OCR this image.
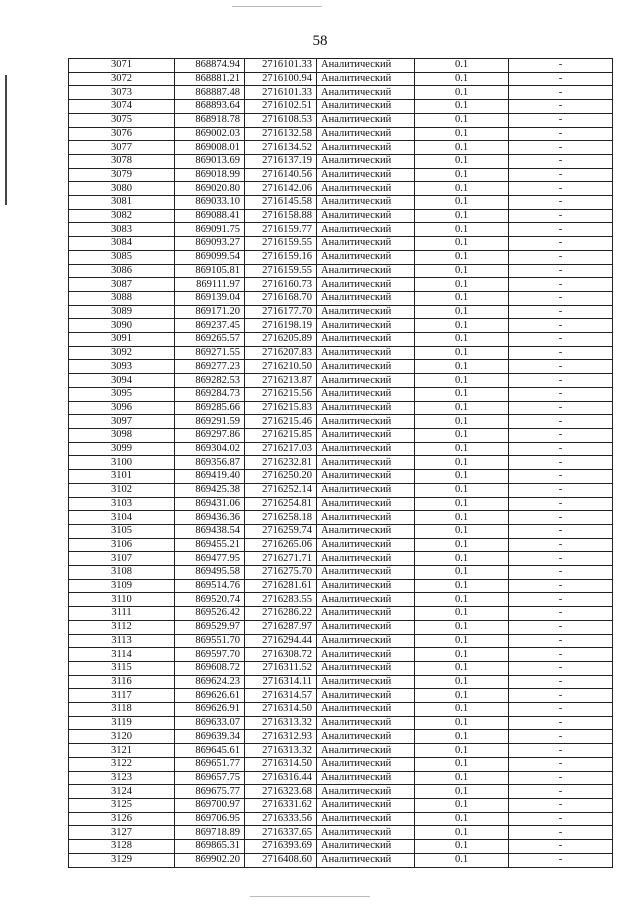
58
3071	868874.94	2716101.33	Аналитический	0.1	-
3072	868881.21	2716100.94	Аналитический	0.1	-
3073	868887.48	2716101.33	Аналитический	0.1	-
3074	868893.64	2716102.51	Аналитический	0.1	-
3075	868918.78	2716108.53	Аналитический	0.1	-
3076	869002.03	2716132.58	Аналитический	0.1	-
3077	869008.01	2716134.52	Аналитический	0.1	-
3078	869013.69	2716137.19	Аналитический	0.1	-
3079	869018.99	2716140.56	Аналитический	0.1	-
3080	869020.80	2716142.06	Аналитический	0.1	-
3081	869033.10	2716145.58	Аналитический	0.1	-
3082	869088.41	2716158.88	Аналитический	0.1	-
3083	869091.75	2716159.77	Аналитический	0.1	-
3084	869093.27	2716159.55	Аналитический	0.1	-
3085	869099.54	2716159.16	Аналитический	0.1	-
3086	869105.81	2716159.55	Аналитический	0.1	-
3087	869111.97	2716160.73	Аналитический	0.1	-
3088	869139.04	2716168.70	Аналитический	0.1	-
3089	869171.20	2716177.70	Аналитический	0.1	-
3090	869237.45	2716198.19	Аналитический	0.1	-
3091	869265.57	2716205.89	Аналитический	0.1	-
3092	869271.55	2716207.83	Аналитический	0.1	-
3093	869277.23	2716210.50	Аналитический	0.1	-
3094	869282.53	2716213.87	Аналитический	0.1	-
3095	869284.73	2716215.56	Аналитический	0.1	-
3096	869285.66	2716215.83	Аналитический	0.1	-
3097	869291.59	2716215.46	Аналитический	0.1	-
3098	869297.86	2716215.85	Аналитический	0.1	-
3099	869304.02	2716217.03	Аналитический	0.1	-
3100	869356.87	2716232.81	Аналитический	0.1	-
3101	869419.40	2716250.20	Аналитический	0.1	-
3102	869425.38	2716252.14	Аналитический	0.1	-
3103	869431.06	2716254.81	Аналитический	0.1	-
3104	869436.36	2716258.18	Аналитический	0.1	-
3105	869438.54	2716259.74	Аналитический	0.1	-
3106	869455.21	2716265.06	Аналитический	0.1	-
3107	869477.95	2716271.71	Аналитический	0.1	-
3108	869495.58	2716275.70	Аналитический	0.1	-
3109	869514.76	2716281.61	Аналитический	0.1	-
3110	869520.74	2716283.55	Аналитический	0.1	-
3111	869526.42	2716286.22	Аналитический	0.1	-
3112	869529.97	2716287.97	Аналитический	0.1	-
3113	869551.70	2716294.44	Аналитический	0.1	-
3114	869597.70	2716308.72	Аналитический	0.1	-
3115	869608.72	2716311.52	Аналитический	0.1	-
3116	869624.23	2716314.11	Аналитический	0.1	-
3117	869626.61	2716314.57	Аналитический	0.1	-
3118	869626.91	2716314.50	Аналитический	0.1	-
3119	869633.07	2716313.32	Аналитический	0.1	-
3120	869639.34	2716312.93	Аналитический	0.1	-
3121	869645.61	2716313.32	Аналитический	0.1	-
3122	869651.77	2716314.50	Аналитический	0.1	-
3123	869657.75	2716316.44	Аналитический	0.1	-
3124	869675.77	2716323.68	Аналитический	0.1	-
3125	869700.97	2716331.62	Аналитический	0.1	-
3126	869706.95	2716333.56	Аналитический	0.1	-
3127	869718.89	2716337.65	Аналитический	0.1	-
3128	869865.31	2716393.69	Аналитический	0.1	-
3129	869902.20	2716408.60	Аналитический	0.1	-
